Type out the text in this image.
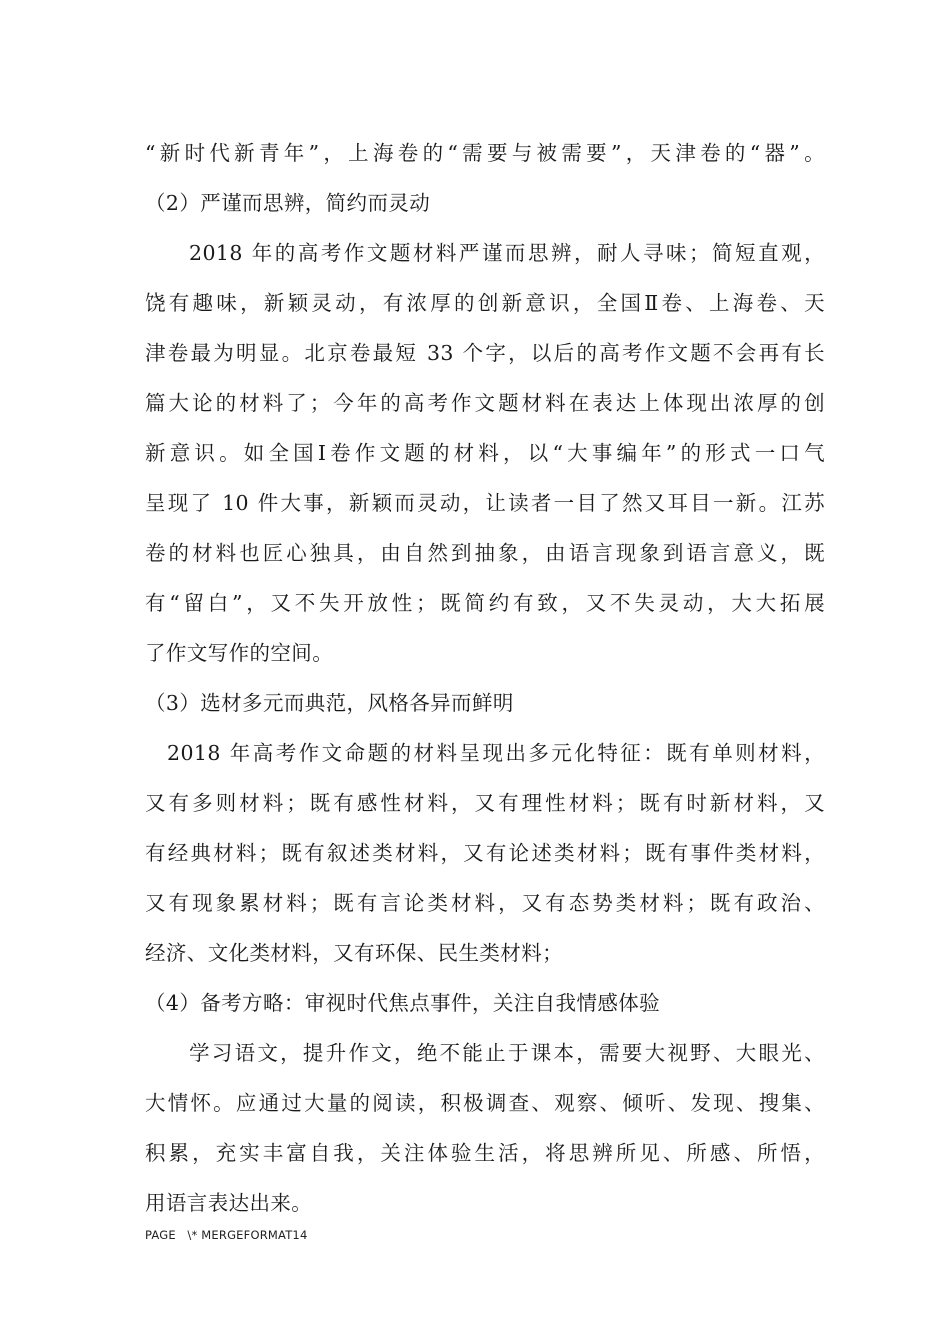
“新时代新青年”，上海卷的“需要与被需要”，天津卷的“器”。
（2）严谨而思辨，简约而灵动
2018 年的高考作文题材料严谨而思辨，耐人寻味；简短直观，
饶有趣味，新颖灵动，有浓厚的创新意识，全国Ⅱ卷、上海卷、天
津卷最为明显。北京卷最短 33 个字，以后的高考作文题不会再有长
篇大论的材料了；今年的高考作文题材料在表达上体现出浓厚的创
新意识。如全国Ⅰ卷作文题的材料，以“大事编年”的形式一口气
呈现了 10 件大事，新颖而灵动，让读者一目了然又耳目一新。江苏
卷的材料也匠心独具，由自然到抽象，由语言现象到语言意义，既
有“留白”，又不失开放性；既简约有致，又不失灵动，大大拓展
了作文写作的空间。
（3）选材多元而典范，风格各异而鲜明
2018 年高考作文命题的材料呈现出多元化特征：既有单则材料，
又有多则材料；既有感性材料，又有理性材料；既有时新材料，又
有经典材料；既有叙述类材料，又有论述类材料；既有事件类材料，
又有现象累材料；既有言论类材料，又有态势类材料；既有政治、
经济、文化类材料，又有环保、民生类材料；
（4）备考方略：审视时代焦点事件，关注自我情感体验
学习语文，提升作文，绝不能止于课本，需要大视野、大眼光、
大情怀。应通过大量的阅读，积极调查、观察、倾听、发现、搜集、
积累，充实丰富自我，关注体验生活，将思辨所见、所感、所悟，
用语言表达出来。
PAGE   \* MERGEFORMAT14
